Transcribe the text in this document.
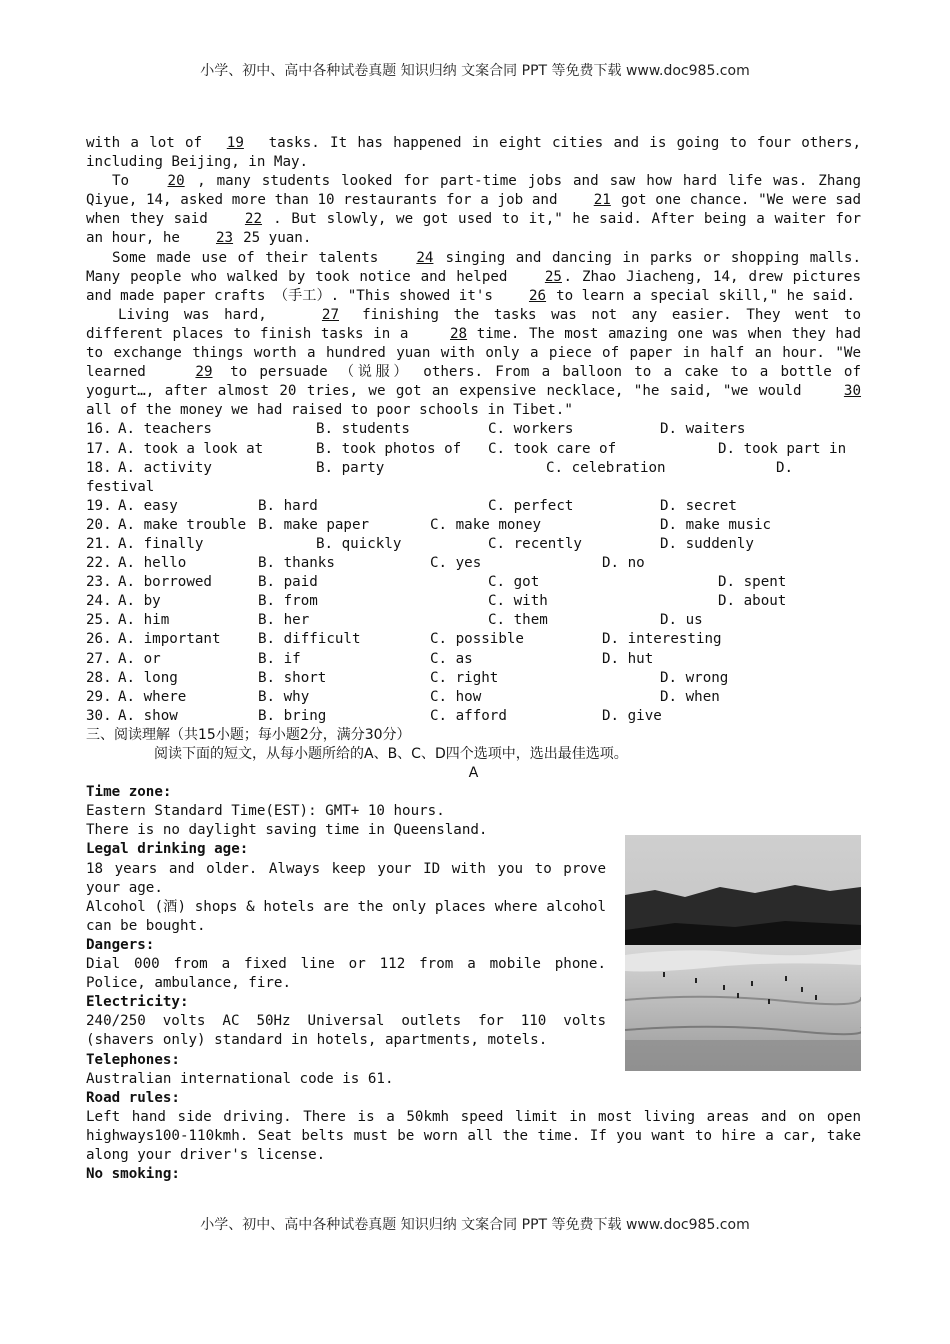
小学、初中、高中各种试卷真题 知识归纳 文案合同 PPT 等免费下载 www.doc985.com
with a lot of 19 tasks. It has happened in eight cities and is going to four others, including Beijing, in May.
To	20 , many students looked for part-time jobs and saw how hard life was. Zhang Qiyue, 14, asked more than 10 restaurants for a job and	21 got one chance. "We were sad when they said	22 . But slowly, we got used to it," he said. After being a waiter for an hour, he	23 25 yuan.
Some made use of their talents	24 singing and dancing in parks or shopping malls. Many people who walked by took notice and helped	25. Zhao Jiacheng, 14, drew pictures and made paper crafts （手工）. "This showed it's	26 to learn a special skill," he said.
Living was hard,	27 finishing the tasks was not any easier. They went to different places to finish tasks in a	28 time. The most amazing one was when they had to exchange things worth a hundred yuan with only a piece of paper in half an hour. "We learned	29 to persuade （说服） others. From a balloon to a cake to a bottle of yogurt…, after almost 20 tries, we got an expensive necklace, "he said, "we would	30 all of the money we had raised to poor schools in Tibet."
16. A. teachers	B. students	C. workers	D. waiters
17. A. took a look at	B. took photos of	C. took care of	D. took part in
18. A. activity	B. party	C. celebration	D.
festival
19. A. easy	B. hard	C. perfect	D. secret
20. A. make trouble B. make paper	C. make money	D. make music
21. A. finally	B. quickly	C. recently	D. suddenly
22. A. hello	B. thanks	C. yes	D. no
23. A. borrowed	B. paid	C. got	D. spent
24. A. by	B. from	C. with	D. about
25. A. him	B. her	C. them	D. us
26. A. important	B. difficult	C. possible	D. interesting
27. A. or	B. if	C. as	D. hut
28. A. long	B. short	C. right	D. wrong
29. A. where	B. why	C. how	D. when
30. A. show	B. bring	C. afford	D. give
三、阅读理解（共15小题；每小题2分，满分30分）
阅读下面的短文，从每小题所给的A、B、C、D四个选项中，选出最佳选项。
A
Time zone:
Eastern Standard Time(EST): GMT+ 10 hours.
There is no daylight saving time in Queensland.
Legal drinking age:
18 years and older. Always keep your ID with you to prove your age.
Alcohol (酒) shops & hotels are the only places where alcohol can be bought.
Dangers:
Dial 000 from a fixed line or 112 from a mobile phone. Police, ambulance, fire.
Electricity:
240/250 volts AC 50Hz Universal outlets for 110 volts (shavers only) standard in hotels, apartments, motels.
Telephones:
Australian international code is 61.
Road rules:
Left hand side driving. There is a 50kmh speed limit in most living areas and on open highways100-110kmh. Seat belts must be worn all the time. If you want to hire a car, take along your driver's license.
No smoking:
小学、初中、高中各种试卷真题 知识归纳 文案合同 PPT 等免费下载 www.doc985.com
